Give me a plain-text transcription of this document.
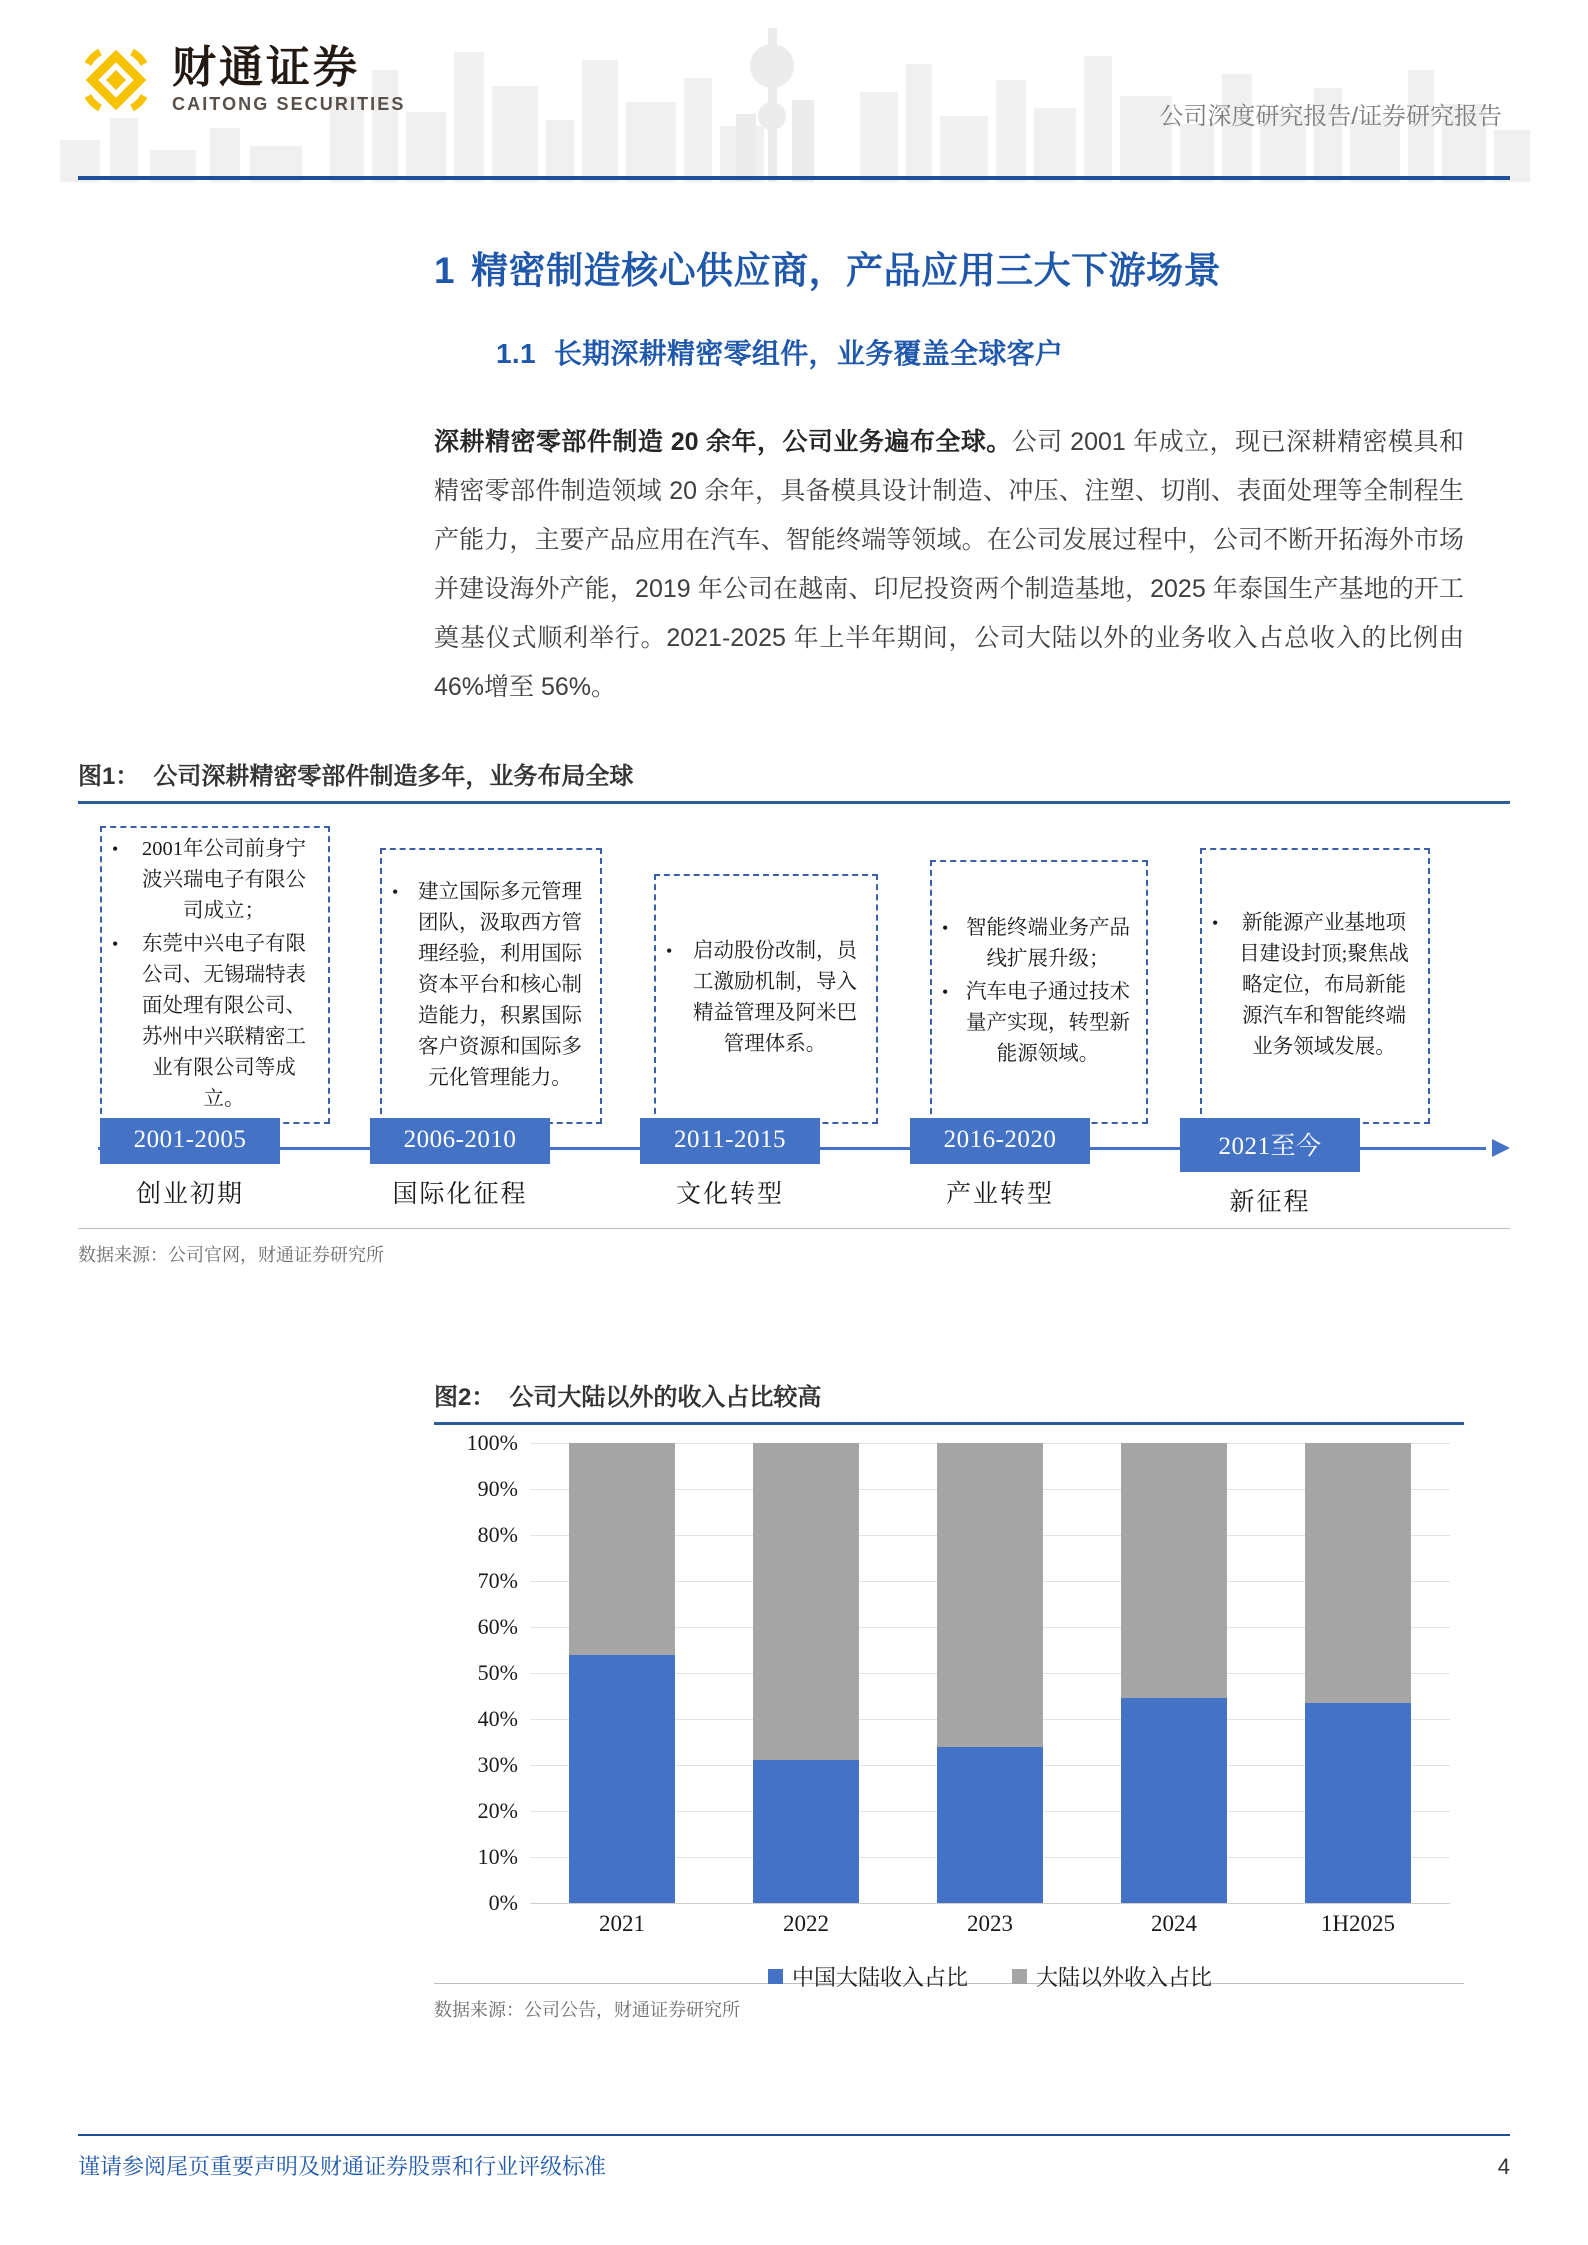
财通证券
CAITONG SECURITIES	公司深度研究报告/证券研究报告
1 精密制造核心供应商，产品应用三大下游场景
1.1 长期深耕精密零组件，业务覆盖全球客户

深耕精密零部件制造 20 余年，公司业务遍布全球。公司 2001 年成立，现已深耕精密模具和精密零部件制造领域 20 余年，具备模具设计制造、冲压、注塑、切削、表面处理等全制程生产能力，主要产品应用在汽车、智能终端等领域。在公司发展过程中，公司不断开拓海外市场并建设海外产能，2019 年公司在越南、印尼投资两个制造基地，2025 年泰国生产基地的开工奠基仪式顺利举行。2021-2025 年上半年期间，公司大陆以外的业务收入占总收入的比例由 46%增至 56%。

图1： 公司深耕精密零部件制造多年，业务布局全球
• 2001年公司前身宁波兴瑞电子有限公司成立；
• 东莞中兴电子有限公司、无锡瑞特表面处理有限公司、苏州中兴联精密工业有限公司等成立。
• 建立国际多元管理团队，汲取西方管理经验，利用国际资本平台和核心制造能力，积累国际客户资源和国际多元化管理能力。
• 启动股份改制，员工激励机制，导入精益管理及阿米巴管理体系。
• 智能终端业务产品线扩展升级；
• 汽车电子通过技术量产实现，转型新能源领域。
• 新能源产业基地项目建设封顶;聚焦战略定位，布局新能源汽车和智能终端业务领域发展。
2001-2005
创业初期
2006-2010
国际化征程
2011-2015
文化转型
2016-2020
产业转型
2021至今
新征程
数据来源：公司官网，财通证券研究所
图2： 公司大陆以外的收入占比较高
0%
10%
20%
30%
40%
50%
60%
70%
80%
90%
100%
2021	2022	2023	2024	1H2025
中国大陆收入占比	大陆以外收入占比
数据来源：公司公告，财通证券研究所
谨请参阅尾页重要声明及财通证券股票和行业评级标准	4
